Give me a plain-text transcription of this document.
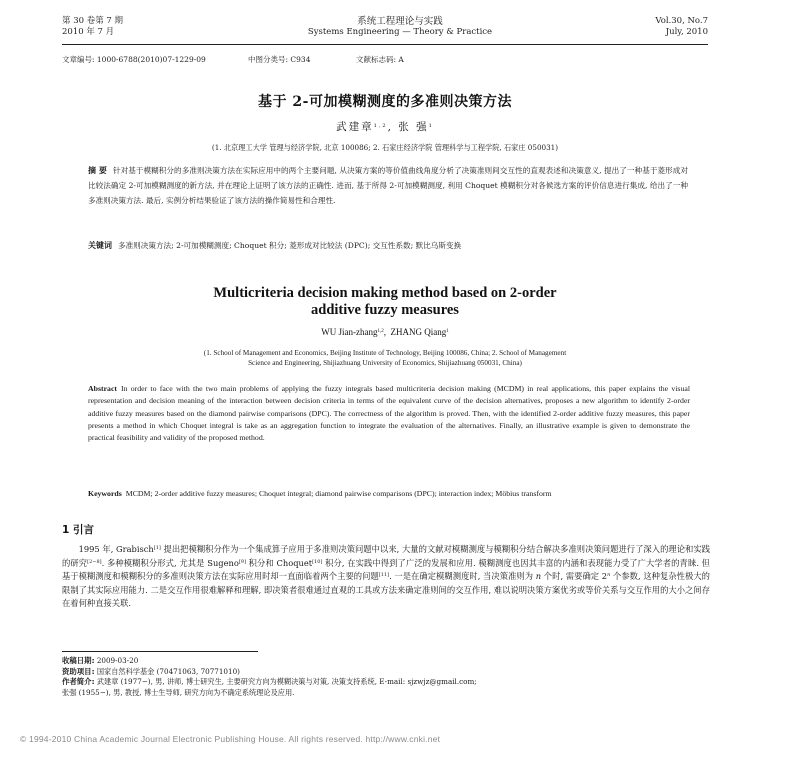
第 30 卷第 7 期
2010 年 7 月
系统工程理论与实践
Systems Engineering — Theory & Practice
Vol.30, No.7
July, 2010
文章编号: 1000-6788(2010)07-1229-09	中图分类号: C934	文献标志码: A
基于 2-可加模糊测度的多准则决策方法
武建章$^{1,2}$, 张 强$^1$
(1. 北京理工大学 管理与经济学院, 北京 100086; 2. 石家庄经济学院 管理科学与工程学院, 石家庄 050031)
摘 要 针对基于模糊积分的多准则决策方法在实际应用中的两个主要问题, 从决策方案的等价值曲线角度分析了决策准则间交互性的直观表述和决策意义, 提出了一种基于菱形成对比较法确定 2-可加模糊测度的新方法, 并在理论上证明了该方法的正确性. 进而, 基于所得 2-可加模糊测度, 利用 Choquet 模糊积分对各候选方案的评价信息进行集成, 给出了一种多准则决策方法. 最后, 实例分析结果验证了该方法的操作简易性和合理性.
关键词 多准则决策方法; 2-可加模糊测度; Choquet 积分; 菱形成对比较法 (DPC); 交互性系数; 默比乌斯变换
Multicriteria decision making method based on 2-order
additive fuzzy measures
WU Jian-zhang$^{1,2}$,  ZHANG Qiang$^1$
(1. School of Management and Economics, Beijing Institute of Technology, Beijing 100086, China; 2. School of Management
Science and Engineering, Shijiazhuang University of Economics, Shijiazhuang 050031, China)
Abstract In order to face with the two main problems of applying the fuzzy integrals based multicriteria decision making (MCDM) in real applications, this paper explains the visual representation and decision meaning of the interaction between decision criteria in terms of the equivalent curve of the decision alternatives, proposes a new algorithm to identify 2-order additive fuzzy measures based on the diamond pairwise comparisons (DPC). The correctness of the algorithm is proved. Then, with the identified 2-order additive fuzzy measures, this paper presents a method in which Choquet integral is take as an aggregation function to integrate the evaluation of the alternatives. Finally, an illustrative example is given to demonstrate the practical feasibility and validity of the proposed method.
Keywords MCDM; 2-order additive fuzzy measures; Choquet integral; diamond pairwise comparisons (DPC); interaction index; Möbius transform
1 引言
1995 年, Grabisch[1] 提出把模糊积分作为一个集成算子应用于多准则决策问题中以来, 大量的文献对模糊测度与模糊积分结合解决多准则决策问题进行了深入的理论和实践的研究[2−8]. 多种模糊积分形式, 尤其是 Sugeno[9] 积分和 Choquet[10] 积分, 在实践中得到了广泛的发展和应用. 模糊测度也因其丰富的内涵和表现能力受了广大学者的青睐. 但基于模糊测度和模糊积分的多准则决策方法在实际应用时却一直面临着两个主要的问题[11]. 一是在确定模糊测度时, 当决策准则为 n 个时, 需要确定 2$^n$ 个参数, 这种复杂性极大的限制了其实际应用能力. 二是交互作用很难解释和理解, 即决策者很难通过直观的工具或方法来确定准则间的交互作用, 难以说明决策方案优劣或等价关系与交互作用的大小之间存在着何种直接关联.
收稿日期: 2009-03-20
资助项目: 国家自然科学基金 (70471063, 70771010)
作者简介: 武建章 (1977−), 男, 讲师, 博士研究生, 主要研究方向为模糊决策与对策, 决策支持系统, E-mail: sjzwjz@gmail.com;
张强 (1955−), 男, 教授, 博士生导师, 研究方向为不确定系统理论及应用.
© 1994-2010 China Academic Journal Electronic Publishing House. All rights reserved. http://www.cnki.net
